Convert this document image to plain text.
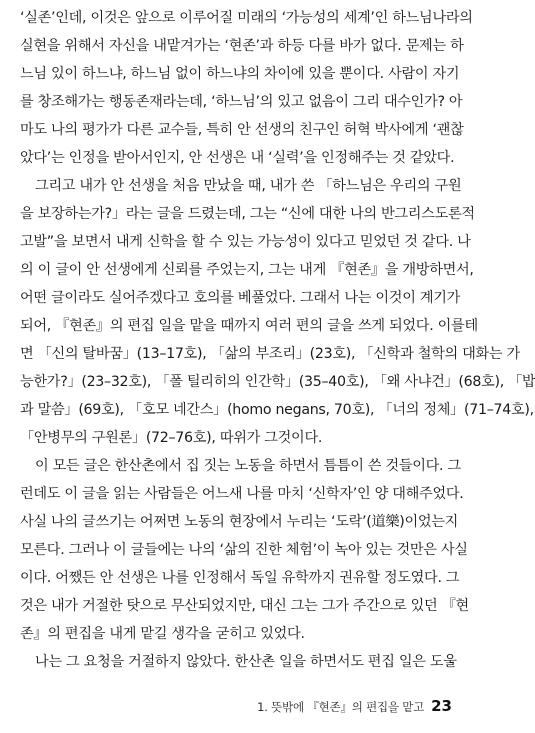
‘실존’인데, 이것은 앞으로 이루어질 미래의 ‘가능성의 세계’인 하느님나라의
실현을 위해서 자신을 내맡겨가는 ‘현존’과 하등 다를 바가 없다. 문제는 하
느님 있이 하느냐, 하느님 없이 하느냐의 차이에 있을 뿐이다. 사람이 자기
를 창조해가는 행동존재라는데, ‘하느님’의 있고 없음이 그리 대수인가? 아
마도 나의 평가가 다른 교수들, 특히 안 선생의 친구인 허혁 박사에게 ‘괜찮
았다’는 인정을 받아서인지, 안 선생은 내 ‘실력’을 인정해주는 것 같았다.
그리고 내가 안 선생을 처음 만났을 때, 내가 쓴 「하느님은 우리의 구원
을 보장하는가?」라는 글을 드렸는데, 그는 “신에 대한 나의 반그리스도론적
고발”을 보면서 내게 신학을 할 수 있는 가능성이 있다고 믿었던 것 같다. 나
의 이 글이 안 선생에게 신뢰를 주었는지, 그는 내게 『현존』을 개방하면서,
어떤 글이라도 실어주겠다고 호의를 베풀었다. 그래서 나는 이것이 계기가
되어, 『현존』의 편집 일을 맡을 때까지 여러 편의 글을 쓰게 되었다. 이를테
면 「신의 탈바꿈」(13–17호), 「삶의 부조리」(23호), 「신학과 철학의 대화는 가
능한가?」(23–32호), 「폴 틸리히의 인간학」(35–40호), 「왜 사냐건」(68호), 「밥
과 말씀」(69호), 「호모 네간스」(homo negans, 70호), 「너의 정체」(71–74호),
「안병무의 구원론」(72–76호), 따위가 그것이다.
이 모든 글은 한산촌에서 집 짓는 노동을 하면서 틈틈이 쓴 것들이다. 그
런데도 이 글을 읽는 사람들은 어느새 나를 마치 ‘신학자’인 양 대해주었다.
사실 나의 글쓰기는 어쩌면 노동의 현장에서 누리는 ‘도락’(道樂)이었는지
모른다. 그러나 이 글들에는 나의 ‘삶의 진한 체험’이 녹아 있는 것만은 사실
이다. 어쨌든 안 선생은 나를 인정해서 독일 유학까지 권유할 정도였다. 그
것은 내가 거절한 탓으로 무산되었지만, 대신 그는 그가 주간으로 있던 『현
존』의 편집을 내게 맡길 생각을 굳히고 있었다.
나는 그 요청을 거절하지 않았다. 한산촌 일을 하면서도 편집 일은 도울
1. 뜻밖에 『현존』의 편집을 맡고 23
